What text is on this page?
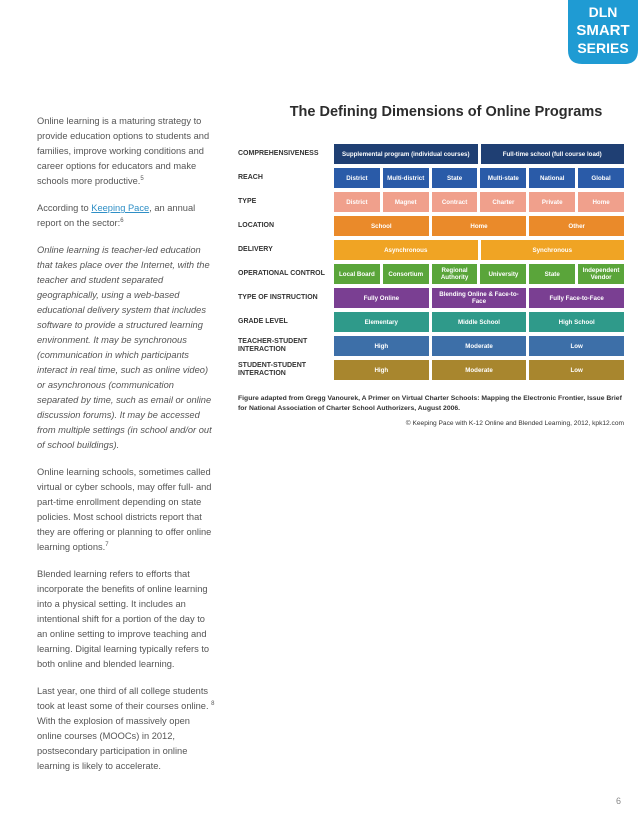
DLN
SMART
SERIES

Online learning is a maturing strategy to provide education options to students and families, improve working conditions and career options for educators and make schools more productive.$^5$

According to Keeping Pace, an annual report on the sector:$^6$

Online learning is teacher-led education that takes place over the Internet, with the teacher and student separated geographically, using a web-based educational delivery system that includes software to provide a structured learning environment. It may be synchronous (communication in which participants interact in real time, such as online video) or asynchronous (communication separated by time, such as email or online discussion forums). It may be accessed from multiple settings (in school and/or out of school buildings).

Online learning schools, sometimes called virtual or cyber schools, may offer full- and part-time enrollment depending on state policies. Most school districts report that they are offering or planning to offer online learning options.$^7$

Blended learning refers to efforts that incorporate the benefits of online learning into a physical setting. It includes an intentional shift for a portion of the day to an online setting to improve teaching and learning. Digital learning typically refers to both online and blended learning.

Last year, one third of all college students took at least some of their courses online. $^8$ With the explosion of massively open online courses (MOOCs) in 2012, postsecondary participation in online learning is likely to accelerate.

The Defining Dimensions of Online Programs
COMPREHENSIVENESS	Supplemental program (individual courses)	Full-time school (full course load)
REACH	District	Multi-district	State	Multi-state	National	Global
TYPE	District	Magnet	Contract	Charter	Private	Home
LOCATION	School	Home	Other
DELIVERY	Asynchronous	Synchronous
OPERATIONAL CONTROL	Local Board	Consortium	Regional Authority	University	State	Independent Vendor
TYPE OF INSTRUCTION	Fully Online	Blending Online & Face-to-Face	Fully Face-to-Face
GRADE LEVEL	Elementary	Middle School	High School
TEACHER-STUDENT INTERACTION	High	Moderate	Low
STUDENT-STUDENT INTERACTION	High	Moderate	Low
Figure adapted from Gregg Vanourek, A Primer on Virtual Charter Schools: Mapping the Electronic Frontier, Issue Brief for National Association of Charter School Authorizers, August 2006.
© Keeping Pace with K-12 Online and Blended Learning, 2012, kpk12.com
6
